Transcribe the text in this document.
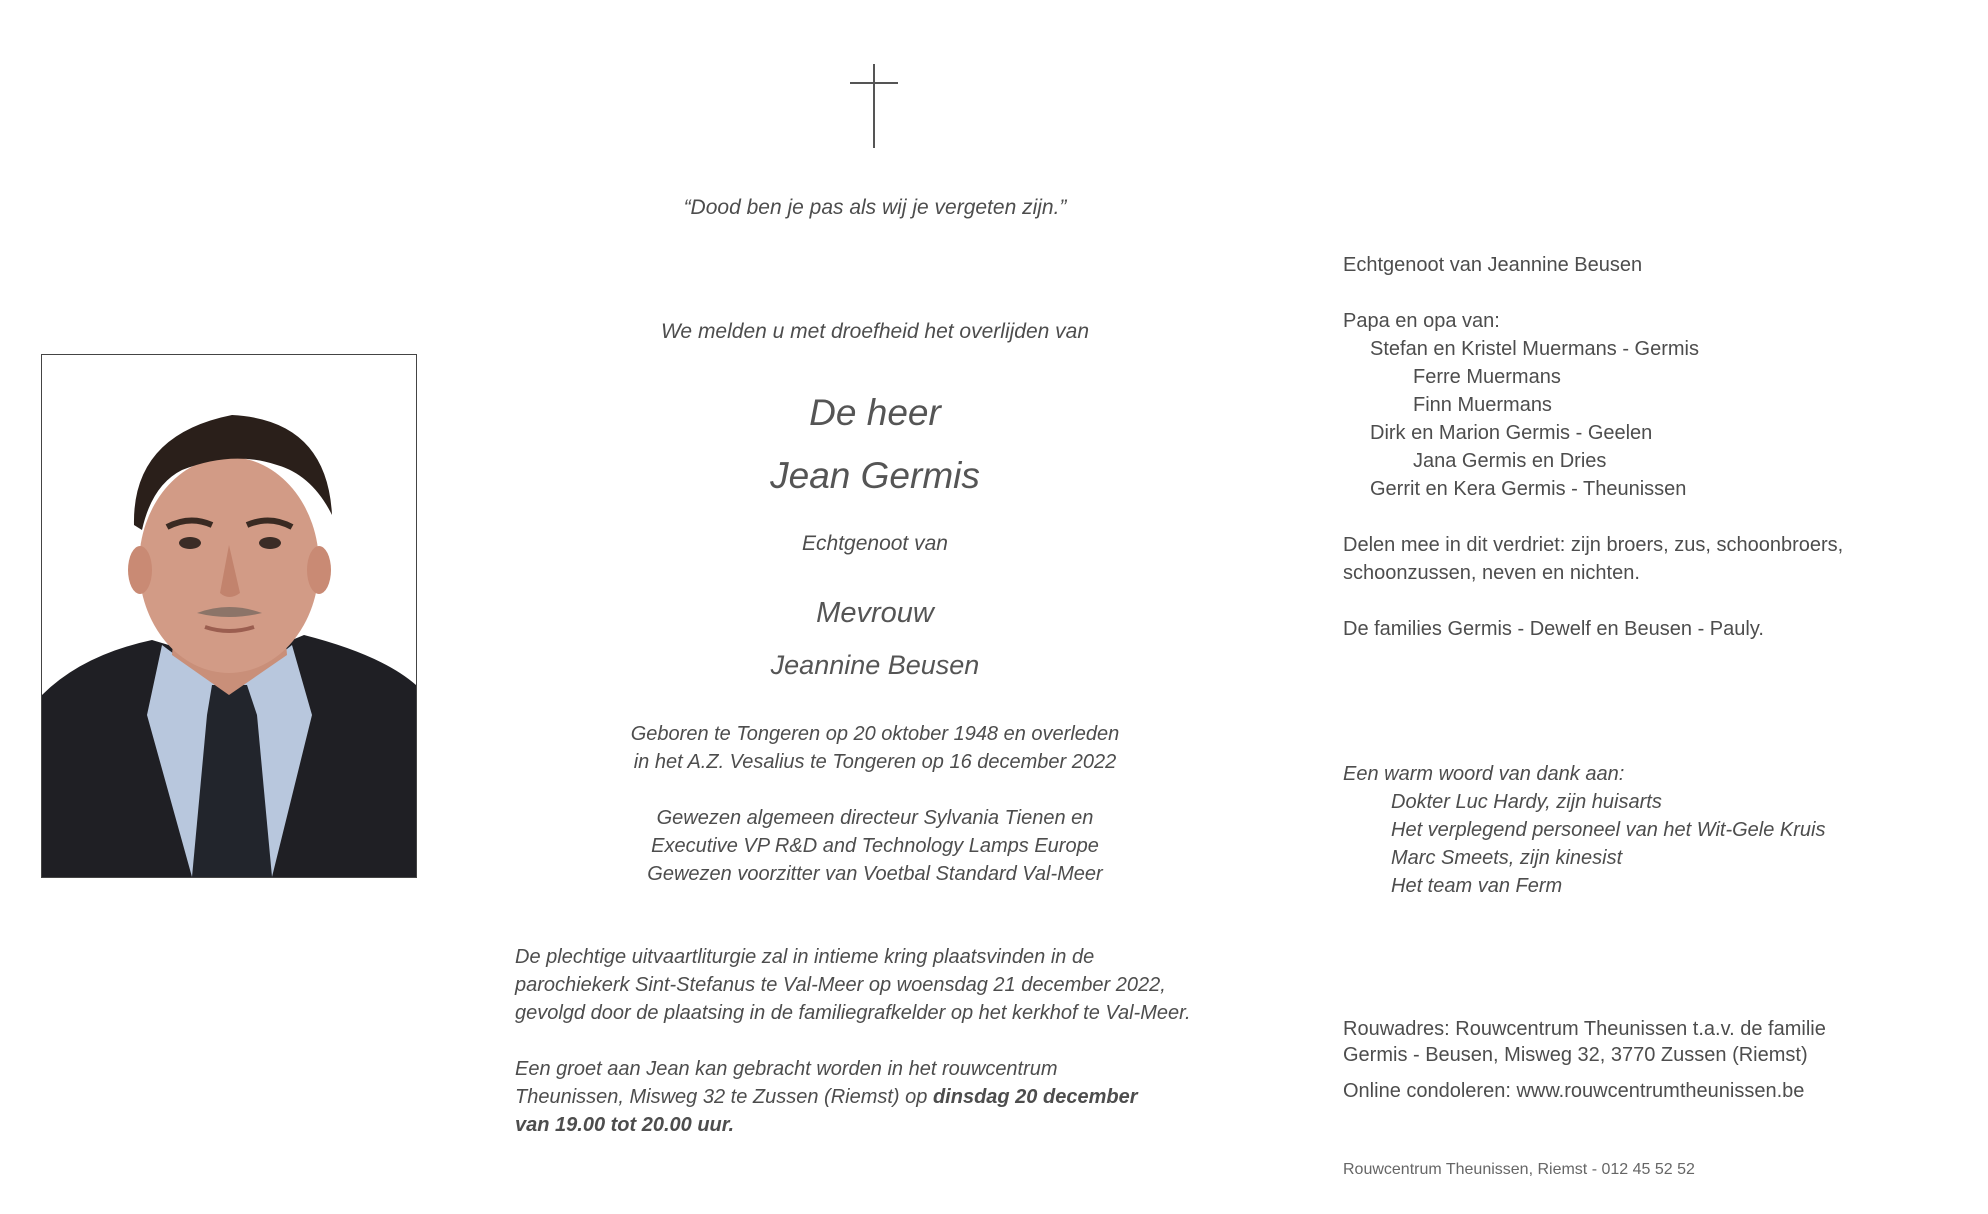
“Dood ben je pas als wij je vergeten zijn.”
We melden u met droefheid het overlijden van
De heer
Jean Germis
Echtgenoot van
Mevrouw
Jeannine Beusen
Geboren te Tongeren op 20 oktober 1948 en overleden
in het A.Z. Vesalius te Tongeren op 16 december 2022
Gewezen algemeen directeur Sylvania Tienen en
Executive VP R&D and Technology Lamps Europe
Gewezen voorzitter van Voetbal Standard Val-Meer
De plechtige uitvaartliturgie zal in intieme kring plaatsvinden in de
parochiekerk Sint-Stefanus te Val-Meer op woensdag 21 december 2022,
gevolgd door de plaatsing in de familiegrafkelder op het kerkhof te Val-Meer.
Een groet aan Jean kan gebracht worden in het rouwcentrum
Theunissen, Misweg 32 te Zussen (Riemst) op dinsdag 20 december
van 19.00 tot 20.00 uur.
Echtgenoot van Jeannine Beusen
Papa en opa van:
Stefan en Kristel Muermans - Germis
Ferre Muermans
Finn Muermans
Dirk en Marion Germis - Geelen
Jana Germis en Dries
Gerrit en Kera Germis - Theunissen
Delen mee in dit verdriet: zijn broers, zus, schoonbroers,
schoonzussen, neven en nichten.
De families Germis - Dewelf en Beusen - Pauly.
Een warm woord van dank aan:
Dokter Luc Hardy, zijn huisarts
Het verplegend personeel van het Wit-Gele Kruis
Marc Smeets, zijn kinesist
Het team van Ferm
Rouwadres: Rouwcentrum Theunissen t.a.v. de familie
Germis - Beusen, Misweg 32, 3770 Zussen (Riemst)
Online condoleren: www.rouwcentrumtheunissen.be
Rouwcentrum Theunissen, Riemst - 012 45 52 52
